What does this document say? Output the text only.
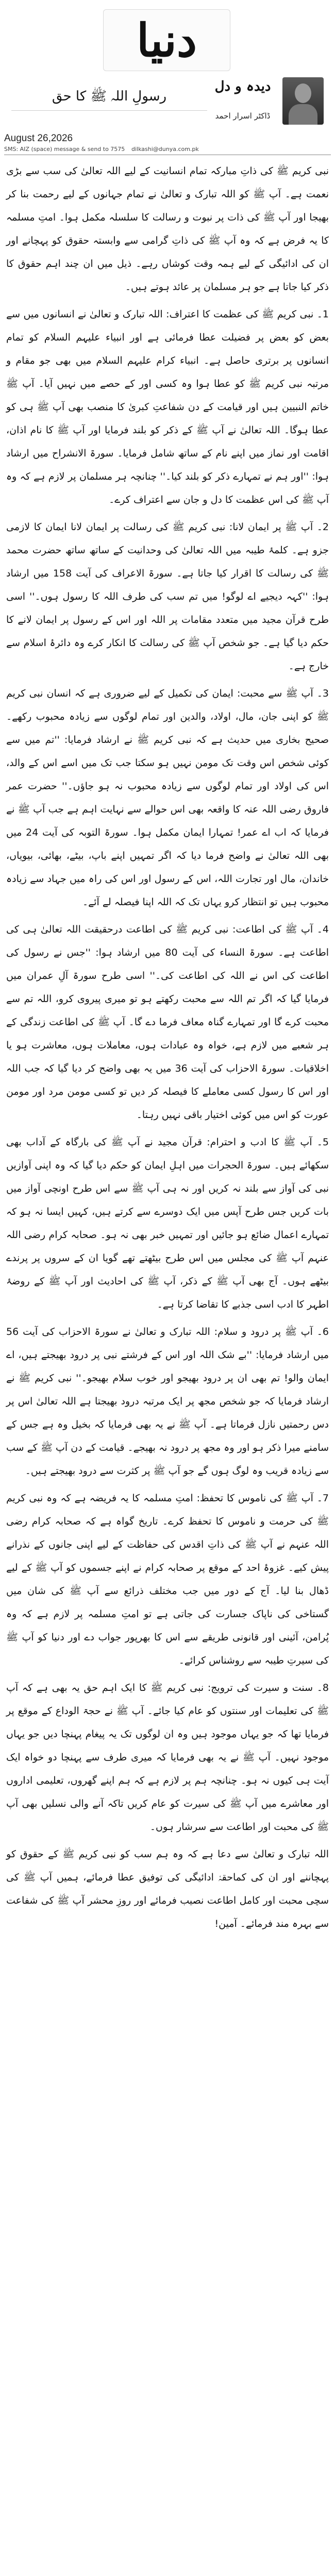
دنیا
دیدہ و دل
ڈاکٹر اسرار احمد
رسولِ اللہ ﷺ کا حق
August 26,2026
SMS: AIZ (space) message & send to 7575 dilkashi@dunya.com.pk

نبی کریم ﷺ کی ذاتِ مبارکہ تمام انسانیت کے لیے اللہ تعالیٰ کی سب سے بڑی نعمت ہے۔ آپ ﷺ کو اللہ تبارک و تعالیٰ نے تمام جہانوں کے لیے رحمت بنا کر بھیجا اور آپ ﷺ کی ذات پر نبوت و رسالت کا سلسلہ مکمل ہوا۔ امتِ مسلمہ کا یہ فرض ہے کہ وہ آپ ﷺ کی ذاتِ گرامی سے وابستہ حقوق کو پہچانے اور ان کی ادائیگی کے لیے ہمہ وقت کوشاں رہے۔ ذیل میں ان چند اہم حقوق کا ذکر کیا جاتا ہے جو ہر مسلمان پر عائد ہوتے ہیں۔

1۔ نبی کریم ﷺ کی عظمت کا اعتراف: اللہ تبارک و تعالیٰ نے انسانوں میں سے بعض کو بعض پر فضیلت عطا فرمائی ہے اور انبیاء علیہم السلام کو تمام انسانوں پر برتری حاصل ہے۔ انبیاء کرام علیہم السلام میں بھی جو مقام و مرتبہ نبی کریم ﷺ کو عطا ہوا وہ کسی اور کے حصے میں نہیں آیا۔ آپ ﷺ خاتم النبیین ہیں اور قیامت کے دن شفاعتِ کبریٰ کا منصب بھی آپ ﷺ ہی کو عطا ہوگا۔ اللہ تعالیٰ نے آپ ﷺ کے ذکر کو بلند فرمایا اور آپ ﷺ کا نام اذان، اقامت اور نماز میں اپنے نام کے ساتھ شامل فرمایا۔ سورۃ الانشراح میں ارشاد ہوا: ''اور ہم نے تمہارے ذکر کو بلند کیا۔'' چنانچہ ہر مسلمان پر لازم ہے کہ وہ آپ ﷺ کی اس عظمت کا دل و جان سے اعتراف کرے۔

2۔ آپ ﷺ پر ایمان لانا: نبی کریم ﷺ کی رسالت پر ایمان لانا ایمان کا لازمی جزو ہے۔ کلمۂ طیبہ میں اللہ تعالیٰ کی وحدانیت کے ساتھ ساتھ حضرت محمد ﷺ کی رسالت کا اقرار کیا جاتا ہے۔ سورۃ الاعراف کی آیت 158 میں ارشاد ہوا: ''کہہ دیجیے اے لوگو! میں تم سب کی طرف اللہ کا رسول ہوں۔'' اسی طرح قرآن مجید میں متعدد مقامات پر اللہ اور اس کے رسول پر ایمان لانے کا حکم دیا گیا ہے۔ جو شخص آپ ﷺ کی رسالت کا انکار کرے وہ دائرۂ اسلام سے خارج ہے۔

3۔ آپ ﷺ سے محبت: ایمان کی تکمیل کے لیے ضروری ہے کہ انسان نبی کریم ﷺ کو اپنی جان، مال، اولاد، والدین اور تمام لوگوں سے زیادہ محبوب رکھے۔ صحیح بخاری میں حدیث ہے کہ نبی کریم ﷺ نے ارشاد فرمایا: ''تم میں سے کوئی شخص اس وقت تک مومن نہیں ہو سکتا جب تک میں اسے اس کے والد، اس کی اولاد اور تمام لوگوں سے زیادہ محبوب نہ ہو جاؤں۔'' حضرت عمر فاروق رضی اللہ عنہ کا واقعہ بھی اس حوالے سے نہایت اہم ہے جب آپ ﷺ نے فرمایا کہ اب اے عمر! تمہارا ایمان مکمل ہوا۔ سورۃ التوبہ کی آیت 24 میں بھی اللہ تعالیٰ نے واضح فرما دیا کہ اگر تمہیں اپنے باپ، بیٹے، بھائی، بیویاں، خاندان، مال اور تجارت اللہ، اس کے رسول اور اس کی راہ میں جہاد سے زیادہ محبوب ہیں تو انتظار کرو یہاں تک کہ اللہ اپنا فیصلہ لے آئے۔

4۔ آپ ﷺ کی اطاعت: نبی کریم ﷺ کی اطاعت درحقیقت اللہ تعالیٰ ہی کی اطاعت ہے۔ سورۃ النساء کی آیت 80 میں ارشاد ہوا: ''جس نے رسول کی اطاعت کی اس نے اللہ کی اطاعت کی۔'' اسی طرح سورۃ آلِ عمران میں فرمایا گیا کہ اگر تم اللہ سے محبت رکھتے ہو تو میری پیروی کرو، اللہ تم سے محبت کرے گا اور تمہارے گناہ معاف فرما دے گا۔ آپ ﷺ کی اطاعت زندگی کے ہر شعبے میں لازم ہے، خواہ وہ عبادات ہوں، معاملات ہوں، معاشرت ہو یا اخلاقیات۔ سورۃ الاحزاب کی آیت 36 میں یہ بھی واضح کر دیا گیا کہ جب اللہ اور اس کا رسول کسی معاملے کا فیصلہ کر دیں تو کسی مومن مرد اور مومن عورت کو اس میں کوئی اختیار باقی نہیں رہتا۔

5۔ آپ ﷺ کا ادب و احترام: قرآن مجید نے آپ ﷺ کی بارگاہ کے آداب بھی سکھائے ہیں۔ سورۃ الحجرات میں اہلِ ایمان کو حکم دیا گیا کہ وہ اپنی آوازیں نبی کی آواز سے بلند نہ کریں اور نہ ہی آپ ﷺ سے اس طرح اونچی آواز میں بات کریں جس طرح آپس میں ایک دوسرے سے کرتے ہیں، کہیں ایسا نہ ہو کہ تمہارے اعمال ضائع ہو جائیں اور تمہیں خبر بھی نہ ہو۔ صحابہ کرام رضی اللہ عنہم آپ ﷺ کی مجلس میں اس طرح بیٹھتے تھے گویا ان کے سروں پر پرندے بیٹھے ہوں۔ آج بھی آپ ﷺ کے ذکر، آپ ﷺ کی احادیث اور آپ ﷺ کے روضۂ اطہر کا ادب اسی جذبے کا تقاضا کرتا ہے۔

6۔ آپ ﷺ پر درود و سلام: اللہ تبارک و تعالیٰ نے سورۃ الاحزاب کی آیت 56 میں ارشاد فرمایا: ''بے شک اللہ اور اس کے فرشتے نبی پر درود بھیجتے ہیں، اے ایمان والو! تم بھی ان پر درود بھیجو اور خوب سلام بھیجو۔'' نبی کریم ﷺ نے ارشاد فرمایا کہ جو شخص مجھ پر ایک مرتبہ درود بھیجتا ہے اللہ تعالیٰ اس پر دس رحمتیں نازل فرماتا ہے۔ آپ ﷺ نے یہ بھی فرمایا کہ بخیل وہ ہے جس کے سامنے میرا ذکر ہو اور وہ مجھ پر درود نہ بھیجے۔ قیامت کے دن آپ ﷺ کے سب سے زیادہ قریب وہ لوگ ہوں گے جو آپ ﷺ پر کثرت سے درود بھیجتے ہیں۔

7۔ آپ ﷺ کی ناموس کا تحفظ: امتِ مسلمہ کا یہ فریضہ ہے کہ وہ نبی کریم ﷺ کی حرمت و ناموس کا تحفظ کرے۔ تاریخ گواہ ہے کہ صحابہ کرام رضی اللہ عنہم نے آپ ﷺ کی ذاتِ اقدس کی حفاظت کے لیے اپنی جانوں کے نذرانے پیش کیے۔ غزوۂ احد کے موقع پر صحابہ کرام نے اپنے جسموں کو آپ ﷺ کے لیے ڈھال بنا لیا۔ آج کے دور میں جب مختلف ذرائع سے آپ ﷺ کی شان میں گستاخی کی ناپاک جسارت کی جاتی ہے تو امتِ مسلمہ پر لازم ہے کہ وہ پُرامن، آئینی اور قانونی طریقے سے اس کا بھرپور جواب دے اور دنیا کو آپ ﷺ کی سیرتِ طیبہ سے روشناس کرائے۔

8۔ سنت و سیرت کی ترویج: نبی کریم ﷺ کا ایک اہم حق یہ بھی ہے کہ آپ ﷺ کی تعلیمات اور سنتوں کو عام کیا جائے۔ آپ ﷺ نے حجۃ الوداع کے موقع پر فرمایا تھا کہ جو یہاں موجود ہیں وہ ان لوگوں تک یہ پیغام پہنچا دیں جو یہاں موجود نہیں۔ آپ ﷺ نے یہ بھی فرمایا کہ میری طرف سے پہنچا دو خواہ ایک آیت ہی کیوں نہ ہو۔ چنانچہ ہم پر لازم ہے کہ ہم اپنے گھروں، تعلیمی اداروں اور معاشرے میں آپ ﷺ کی سیرت کو عام کریں تاکہ آنے والی نسلیں بھی آپ ﷺ کی محبت اور اطاعت سے سرشار ہوں۔

اللہ تبارک و تعالیٰ سے دعا ہے کہ وہ ہم سب کو نبی کریم ﷺ کے حقوق کو پہچاننے اور ان کی کماحقہٗ ادائیگی کی توفیق عطا فرمائے، ہمیں آپ ﷺ کی سچی محبت اور کامل اطاعت نصیب فرمائے اور روزِ محشر آپ ﷺ کی شفاعت سے بہرہ مند فرمائے۔ آمین!
